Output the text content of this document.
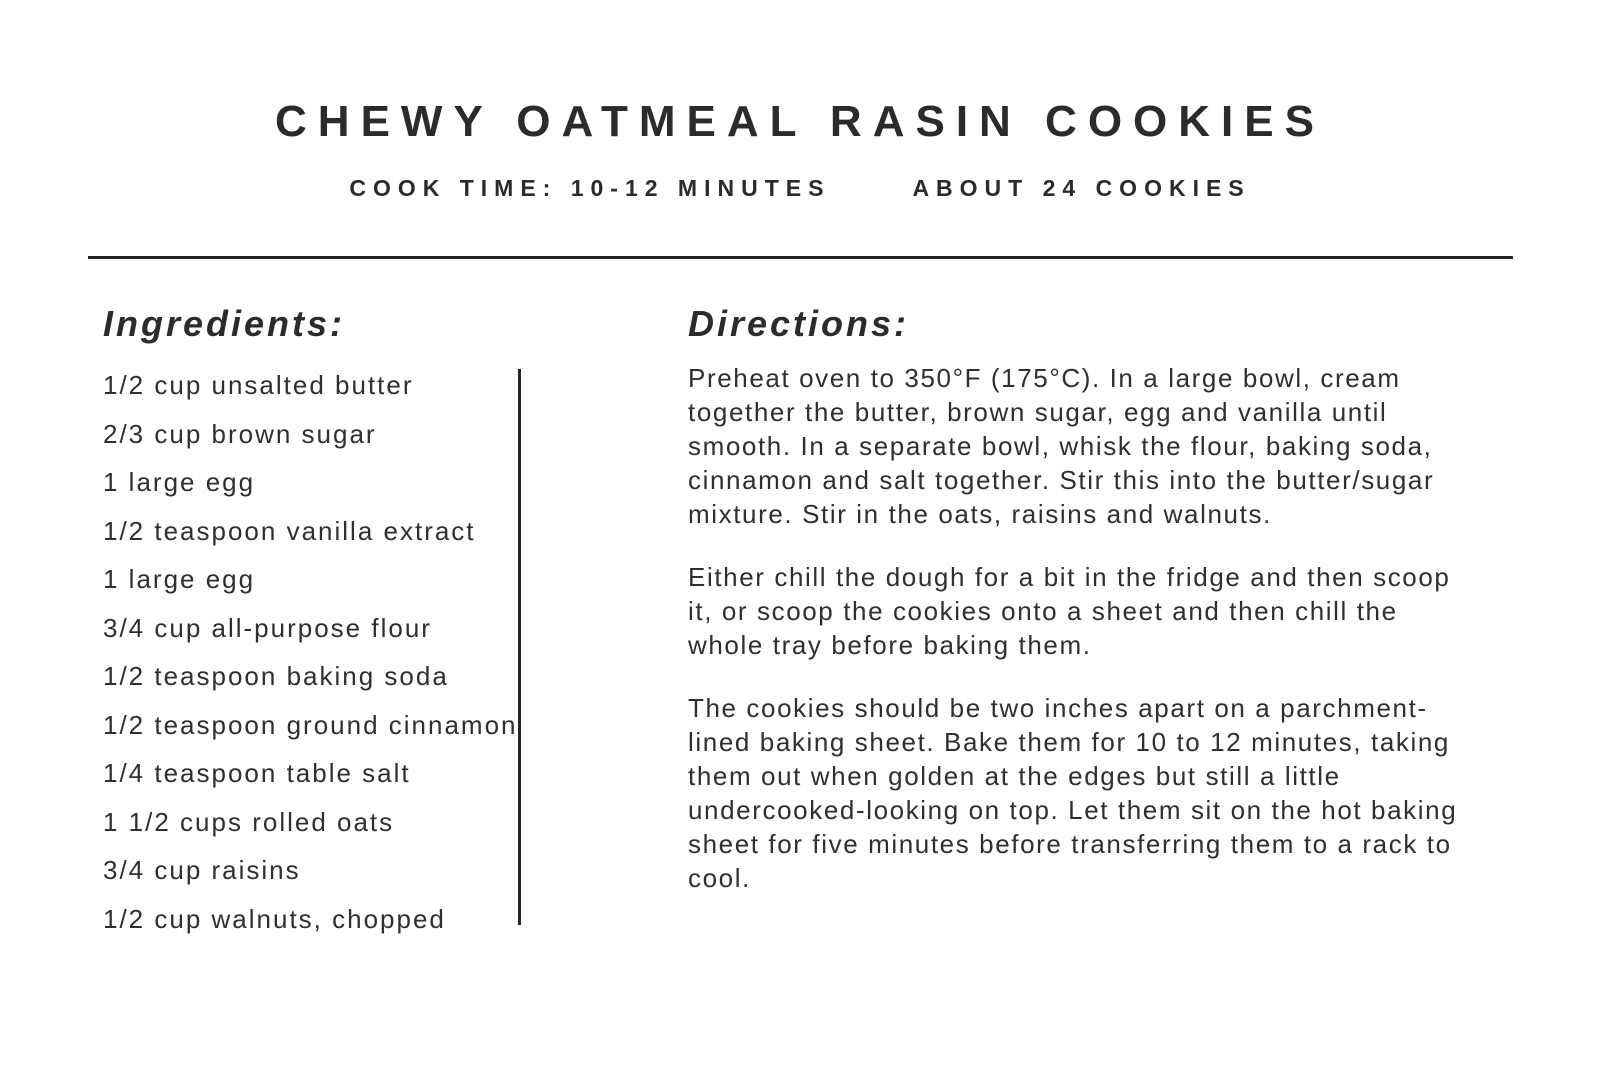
CHEWY OATMEAL RASIN COOKIES
COOK TIME: 10-12 MINUTES	ABOUT 24 COOKIES
Ingredients:
1/2 cup unsalted butter
2/3 cup brown sugar
1 large egg
1/2 teaspoon vanilla extract
1 large egg
3/4 cup all-purpose flour
1/2 teaspoon baking soda
1/2 teaspoon ground cinnamon
1/4 teaspoon table salt
1 1/2 cups rolled oats
3/4 cup raisins
1/2 cup walnuts, chopped
Directions:

Preheat oven to 350°F (175°C). In a large bowl, cream together the butter, brown sugar, egg and vanilla until smooth. In a separate bowl, whisk the flour, baking soda, cinnamon and salt together. Stir this into the butter/sugar mixture. Stir in the oats, raisins and walnuts.

Either chill the dough for a bit in the fridge and then scoop it, or scoop the cookies onto a sheet and then chill the whole tray before baking them.

The cookies should be two inches apart on a parchment-lined baking sheet. Bake them for 10 to 12 minutes, taking them out when golden at the edges but still a little undercooked-looking on top. Let them sit on the hot baking sheet for five minutes before transferring them to a rack to cool.
